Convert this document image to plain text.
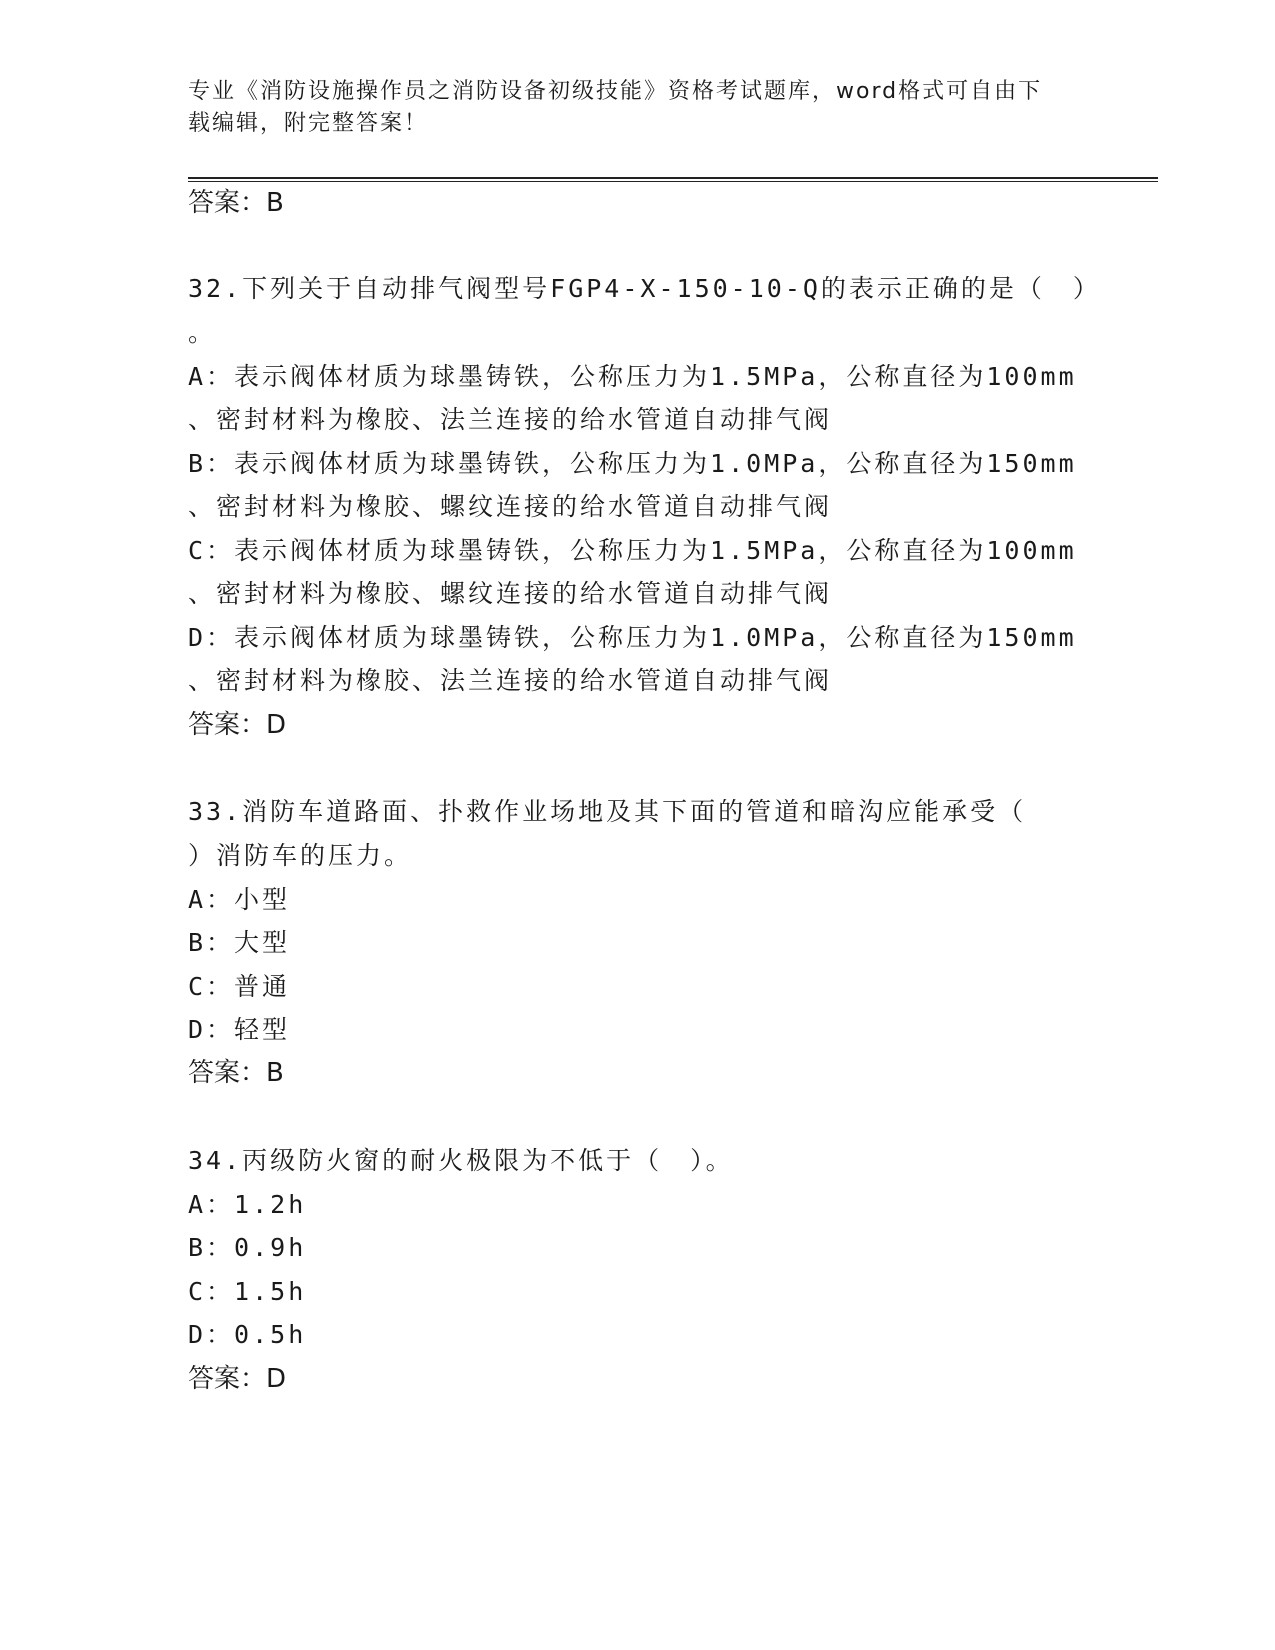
专业《消防设施操作员之消防设备初级技能》资格考试题库，word格式可自由下
载编辑，附完整答案！
答案：B
32.下列关于自动排气阀型号FGP4-X-150-10-Q的表示正确的是（　）
。
A：表示阀体材质为球墨铸铁，公称压力为1.5MPa，公称直径为100mm
、密封材料为橡胶、法兰连接的给水管道自动排气阀
B：表示阀体材质为球墨铸铁，公称压力为1.0MPa，公称直径为150mm
、密封材料为橡胶、螺纹连接的给水管道自动排气阀
C：表示阀体材质为球墨铸铁，公称压力为1.5MPa，公称直径为100mm
、密封材料为橡胶、螺纹连接的给水管道自动排气阀
D：表示阀体材质为球墨铸铁，公称压力为1.0MPa，公称直径为150mm
、密封材料为橡胶、法兰连接的给水管道自动排气阀
答案：D
33.消防车道路面、扑救作业场地及其下面的管道和暗沟应能承受（
）消防车的压力。
A：小型
B：大型
C：普通
D：轻型
答案：B
34.丙级防火窗的耐火极限为不低于（　）。
A：1.2h
B：0.9h
C：1.5h
D：0.5h
答案：D
